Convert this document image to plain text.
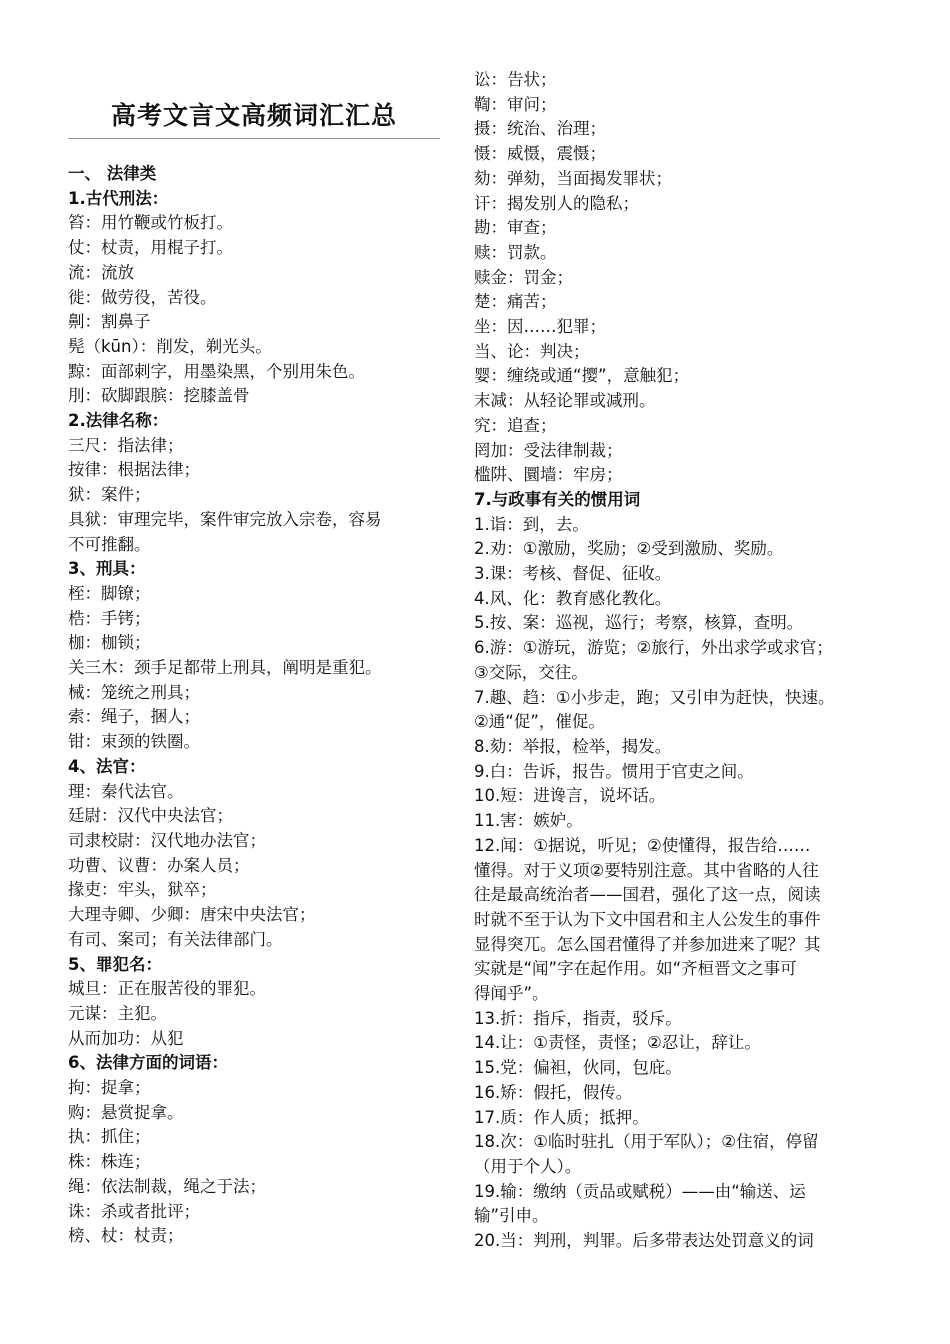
高考文言文高频词汇汇总
一、 法律类
1.古代刑法：
笞：用竹鞭或竹板打。
仗：杖责，用棍子打。
流：流放
徙：做劳役，苦役。
劓：割鼻子
髡（kūn）：削发，剃光头。
黥：面部刺字，用墨染黑，个别用朱色。
刖：砍脚跟膑：挖膝盖骨
2.法律名称：
三尺：指法律；
按律：根据法律；
狱：案件；
具狱：审理完毕，案件审完放入宗卷，容易
不可推翻。
3、刑具：
桎：脚镣；
梏：手铐；
枷：枷锁；
关三木：颈手足都带上刑具，阐明是重犯。
械：笼统之刑具；
索：绳子，捆人；
钳：束颈的铁圈。
4、法官：
理：秦代法官。
廷尉：汉代中央法官；
司隶校尉：汉代地办法官；
功曹、议曹：办案人员；
掾吏：牢头，狱卒；
大理寺卿、少卿：唐宋中央法官；
有司、案司；有关法律部门。
5、罪犯名：
城旦：正在服苦役的罪犯。
元谋：主犯。
从而加功：从犯
6、法律方面的词语：
拘：捉拿；
购：悬赏捉拿。
执：抓住；
株：株连；
绳：依法制裁，绳之于法；
诛：杀或者批评；
榜、杖：杖责；
讼：告状；
鞫：审问；
摄：统治、治理；
慑：威慑，震慑；
劾：弹劾，当面揭发罪状；
讦：揭发别人的隐私；
勘：审查；
赎：罚款。
赎金：罚金；
楚：痛苦；
坐：因……犯罪；
当、论：判决；
婴：缠绕或通“撄”，意触犯；
末减：从轻论罪或减刑。
究：追查；
罔加：受法律制裁；
槛阱、圜墙：牢房；
7.与政事有关的惯用词
1.诣：到，去。
2.劝：①激励，奖励；②受到激励、奖励。
3.课：考核、督促、征收。
4.风、化：教育感化教化。
5.按、案：巡视，巡行；考察，核算，查明。
6.游：①游玩，游览；②旅行，外出求学或求官；
③交际，交往。
7.趣、趋：①小步走，跑；又引申为赶快，快速。
②通“促”，催促。
8.劾：举报，检举，揭发。
9.白：告诉，报告。惯用于官吏之间。
10.短：进谗言，说坏话。
11.害：嫉妒。
12.闻：①据说，听见；②使懂得，报告给……
懂得。对于义项②要特别注意。其中省略的人往
往是最高统治者——国君，强化了这一点，阅读
时就不至于认为下文中国君和主人公发生的事件
显得突兀。怎么国君懂得了并参加进来了呢？其
实就是“闻”字在起作用。如“齐桓晋文之事可
得闻乎”。
13.折：指斥，指责，驳斥。
14.让：①责怪，责怪；②忍让，辞让。
15.党：偏袒，伙同，包庇。
16.矫：假托，假传。
17.质：作人质；抵押。
18.次：①临时驻扎（用于军队）；②住宿，停留
（用于个人）。
19.输：缴纳（贡品或赋税）——由“输送、运
输”引申。
20.当：判刑，判罪。后多带表达处罚意义的词
